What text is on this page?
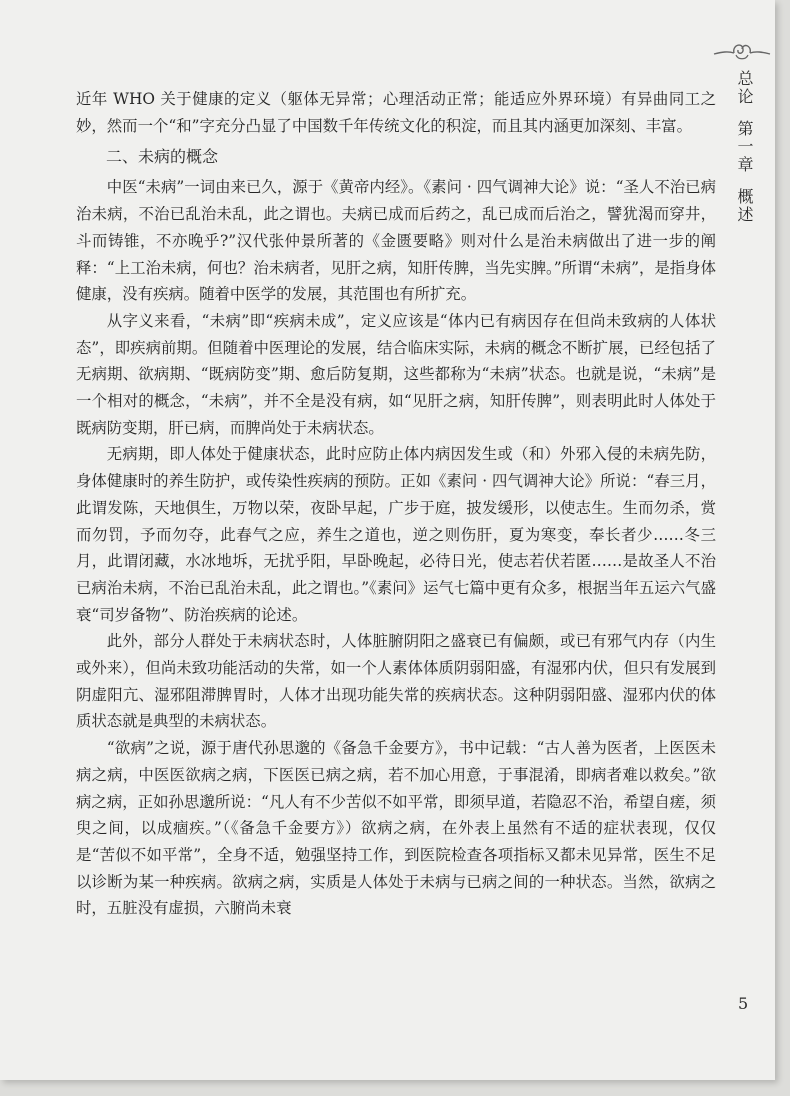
总论
第一章
概述

近年 WHO 关于健康的定义（躯体无异常；心理活动正常；能适应外界环境）有异曲同工之妙，然而一个“和”字充分凸显了中国数千年传统文化的积淀，而且其内涵更加深刻、丰富。

二、未病的概念

中医“未病”一词由来已久，源于《黄帝内经》。《素问 · 四气调神大论》说：“圣人不治已病治未病，不治已乱治未乱，此之谓也。夫病已成而后药之，乱已成而后治之，譬犹渴而穿井，斗而铸锥，不亦晚乎?”汉代张仲景所著的《金匮要略》则对什么是治未病做出了进一步的阐释：“上工治未病，何也？治未病者，见肝之病，知肝传脾，当先实脾。”所谓“未病”，是指身体健康，没有疾病。随着中医学的发展，其范围也有所扩充。

从字义来看，“未病”即“疾病未成”，定义应该是“体内已有病因存在但尚未致病的人体状态”，即疾病前期。但随着中医理论的发展，结合临床实际，未病的概念不断扩展，已经包括了无病期、欲病期、“既病防变”期、愈后防复期，这些都称为“未病”状态。也就是说，“未病”是一个相对的概念，“未病”，并不全是没有病，如“见肝之病，知肝传脾”，则表明此时人体处于既病防变期，肝已病，而脾尚处于未病状态。

无病期，即人体处于健康状态，此时应防止体内病因发生或（和）外邪入侵的未病先防，身体健康时的养生防护，或传染性疾病的预防。正如《素问 · 四气调神大论》所说：“春三月，此谓发陈，天地俱生，万物以荣，夜卧早起，广步于庭，披发缓形，以使志生。生而勿杀，赏而勿罚，予而勿夺，此春气之应，养生之道也，逆之则伤肝，夏为寒变，奉长者少……冬三月，此谓闭藏，水冰地坼，无扰乎阳，早卧晚起，必待日光，使志若伏若匿……是故圣人不治已病治未病，不治已乱治未乱，此之谓也。”《素问》运气七篇中更有众多，根据当年五运六气盛衰“司岁备物”、防治疾病的论述。

此外，部分人群处于未病状态时，人体脏腑阴阳之盛衰已有偏颇，或已有邪气内存（内生或外来），但尚未致功能活动的失常，如一个人素体体质阴弱阳盛，有湿邪内伏，但只有发展到阴虚阳亢、湿邪阻滞脾胃时，人体才出现功能失常的疾病状态。这种阴弱阳盛、湿邪内伏的体质状态就是典型的未病状态。

“欲病”之说，源于唐代孙思邈的《备急千金要方》，书中记载：“古人善为医者，上医医未病之病，中医医欲病之病，下医医已病之病，若不加心用意，于事混淆，即病者难以救矣。”欲病之病，正如孙思邈所说：“凡人有不少苦似不如平常，即须早道，若隐忍不治，希望自瘥，须臾之间，以成痼疾。”（《备急千金要方》）欲病之病，在外表上虽然有不适的症状表现，仅仅是“苦似不如平常”，全身不适，勉强坚持工作，到医院检查各项指标又都未见异常，医生不足以诊断为某一种疾病。欲病之病，实质是人体处于未病与已病之间的一种状态。当然，欲病之时，五脏没有虚损，六腑尚未衰

5
